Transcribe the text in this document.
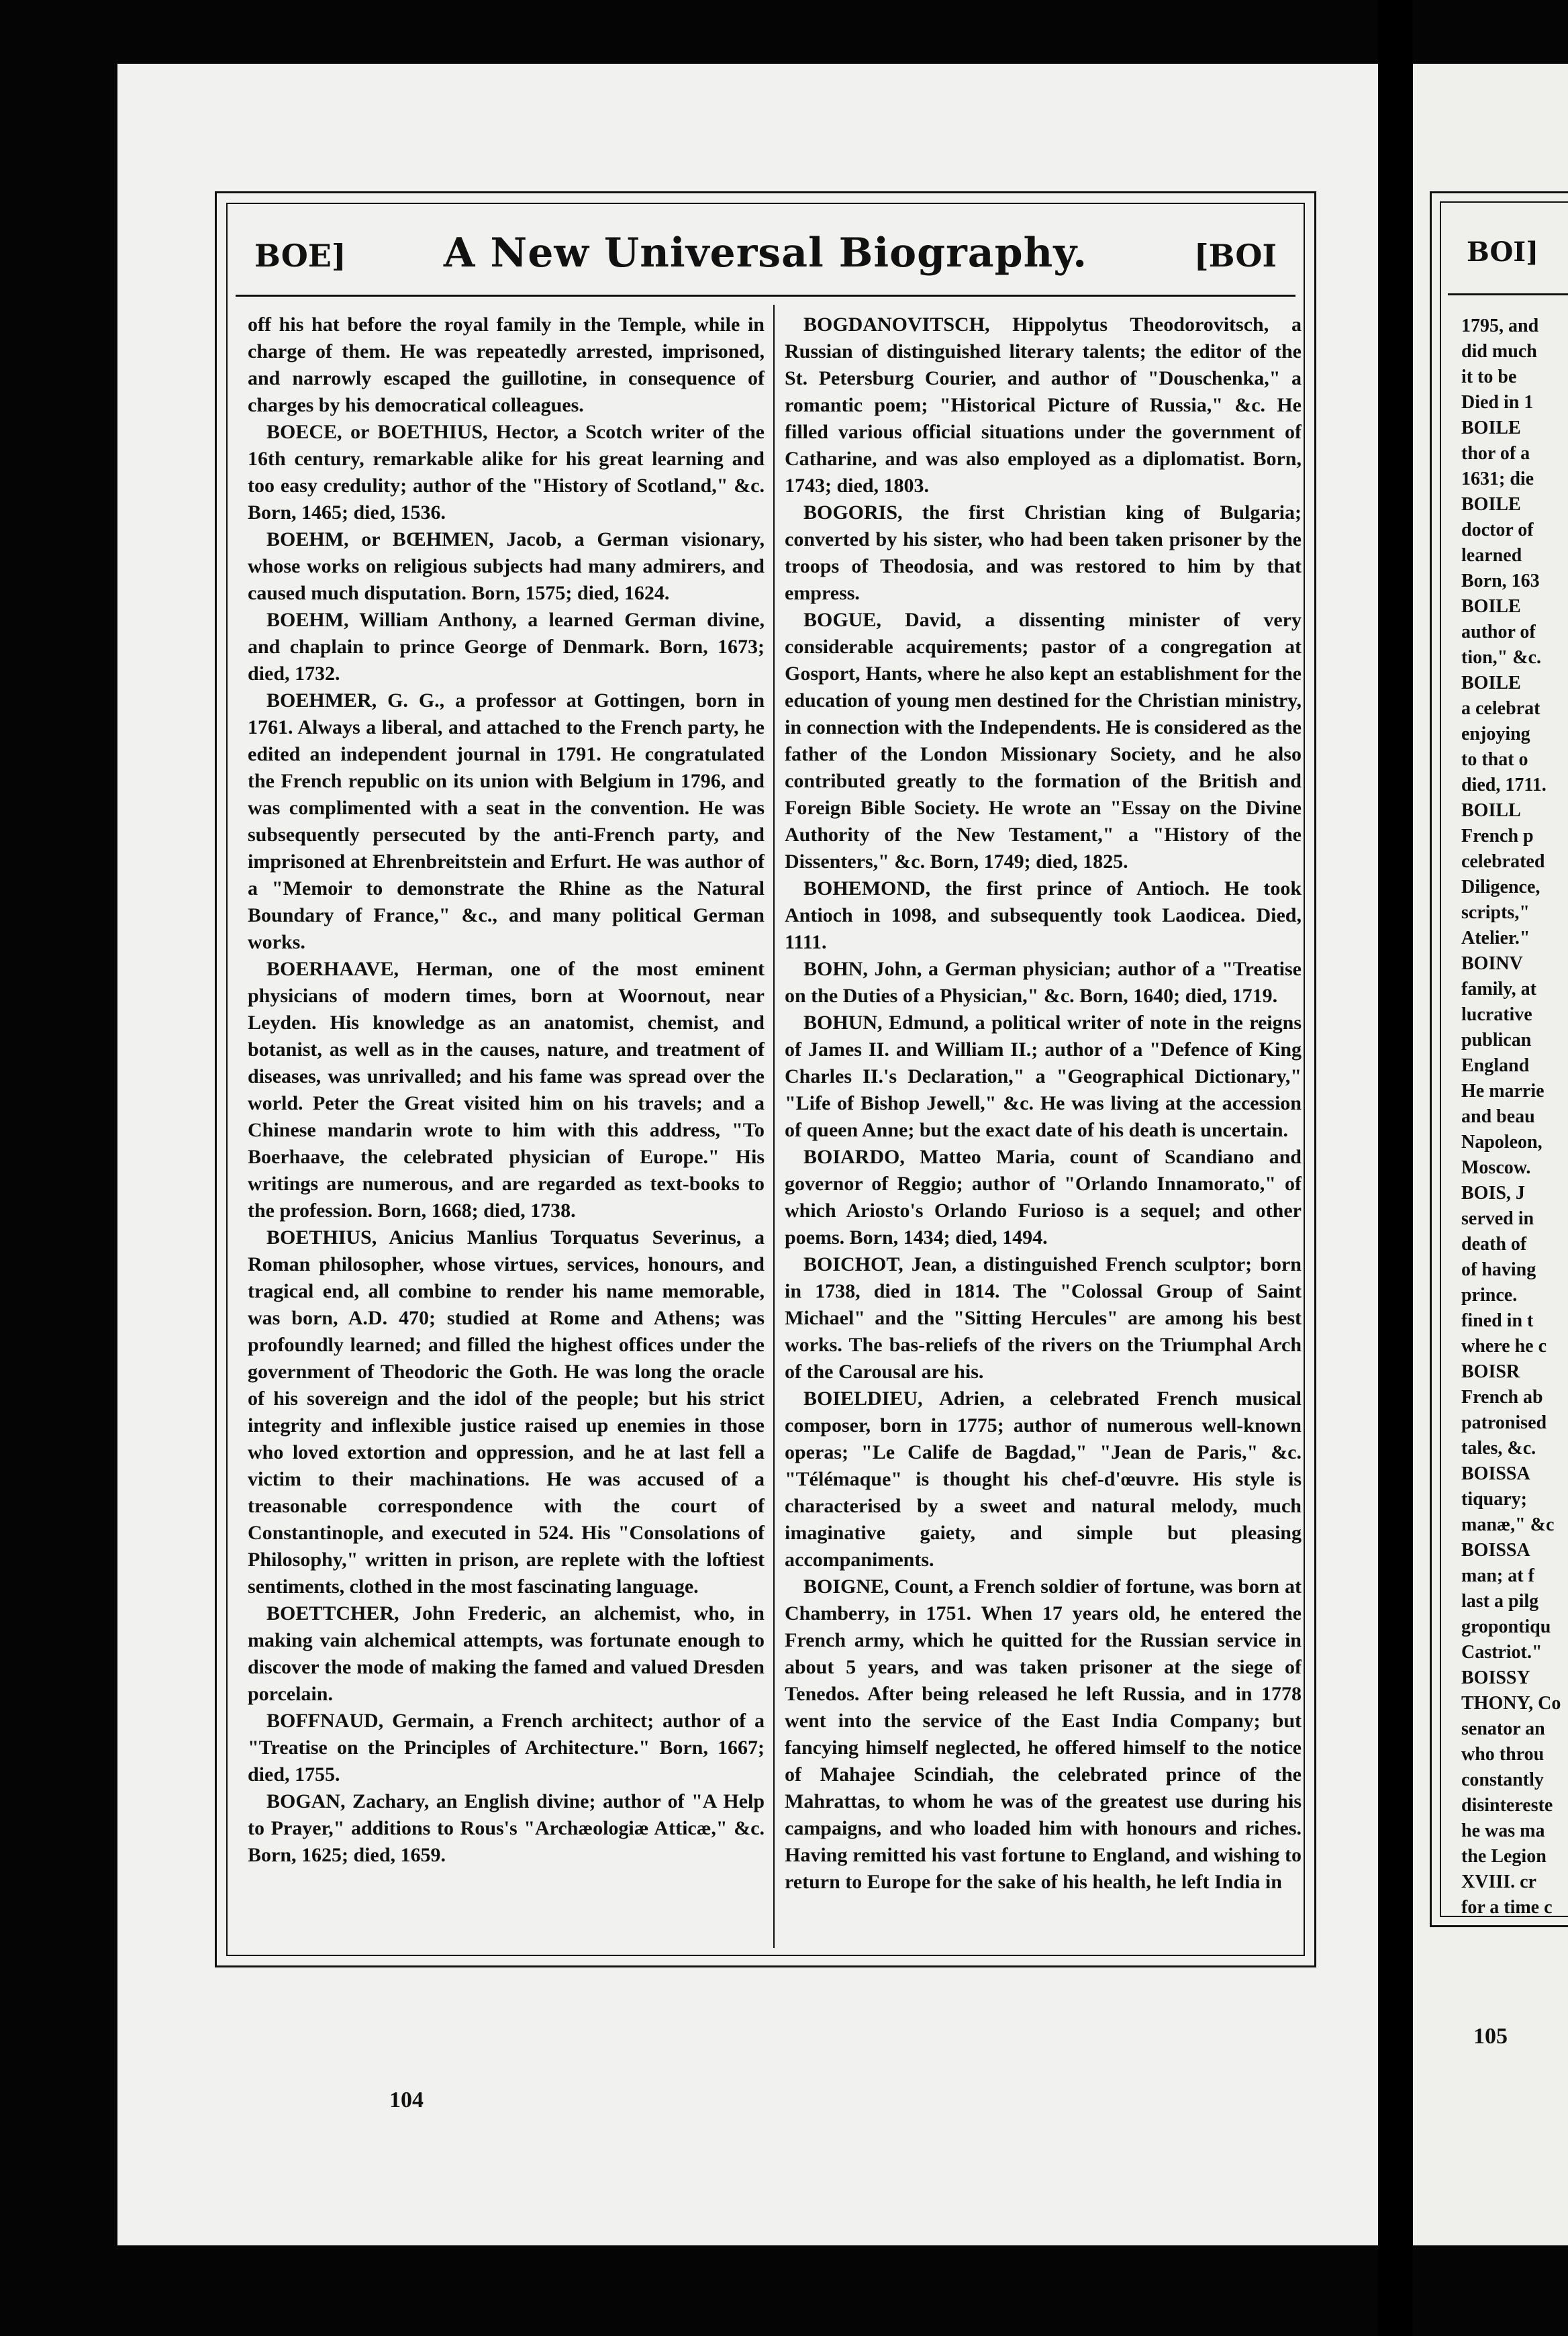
BOE]	A New Universal Biography.	[BOI

off his hat before the royal family in the Temple, while in charge of them. He was repeatedly arrested, imprisoned, and narrowly escaped the guillotine, in consequence of charges by his democratical colleagues.

BOECE, or BOETHIUS, Hector, a Scotch writer of the 16th century, remarkable alike for his great learning and too easy credulity; author of the "History of Scotland," &c. Born, 1465; died, 1536.

BOEHM, or BŒHMEN, Jacob, a German visionary, whose works on religious subjects had many admirers, and caused much disputation. Born, 1575; died, 1624.

BOEHM, William Anthony, a learned German divine, and chaplain to prince George of Denmark. Born, 1673; died, 1732.

BOEHMER, G. G., a professor at Gottingen, born in 1761. Always a liberal, and attached to the French party, he edited an independent journal in 1791. He congratulated the French republic on its union with Belgium in 1796, and was complimented with a seat in the convention. He was subsequently persecuted by the anti-French party, and imprisoned at Ehrenbreitstein and Erfurt. He was author of a "Memoir to demonstrate the Rhine as the Natural Boundary of France," &c., and many political German works.

BOERHAAVE, Herman, one of the most eminent physicians of modern times, born at Woornout, near Leyden. His knowledge as an anatomist, chemist, and botanist, as well as in the causes, nature, and treatment of diseases, was unrivalled; and his fame was spread over the world. Peter the Great visited him on his travels; and a Chinese mandarin wrote to him with this address, "To Boerhaave, the celebrated physician of Europe." His writings are numerous, and are regarded as text-books to the profession. Born, 1668; died, 1738.

BOETHIUS, Anicius Manlius Torquatus Severinus, a Roman philosopher, whose virtues, services, honours, and tragical end, all combine to render his name memorable, was born, A.D. 470; studied at Rome and Athens; was profoundly learned; and filled the highest offices under the government of Theodoric the Goth. He was long the oracle of his sovereign and the idol of the people; but his strict integrity and inflexible justice raised up enemies in those who loved extortion and oppression, and he at last fell a victim to their machinations. He was accused of a treasonable correspondence with the court of Constantinople, and executed in 524. His "Consolations of Philosophy," written in prison, are replete with the loftiest sentiments, clothed in the most fascinating language.

BOETTCHER, John Frederic, an alchemist, who, in making vain alchemical attempts, was fortunate enough to discover the mode of making the famed and valued Dresden porcelain.

BOFFNAUD, Germain, a French architect; author of a "Treatise on the Principles of Architecture." Born, 1667; died, 1755.

BOGAN, Zachary, an English divine; author of "A Help to Prayer," additions to Rous's "Archæologiæ Atticæ," &c. Born, 1625; died, 1659.

BOGDANOVITSCH, Hippolytus Theodorovitsch, a Russian of distinguished literary talents; the editor of the St. Petersburg Courier, and author of "Douschenka," a romantic poem; "Historical Picture of Russia," &c. He filled various official situations under the government of Catharine, and was also employed as a diplomatist. Born, 1743; died, 1803.

BOGORIS, the first Christian king of Bulgaria; converted by his sister, who had been taken prisoner by the troops of Theodosia, and was restored to him by that empress.

BOGUE, David, a dissenting minister of very considerable acquirements; pastor of a congregation at Gosport, Hants, where he also kept an establishment for the education of young men destined for the Christian ministry, in connection with the Independents. He is considered as the father of the London Missionary Society, and he also contributed greatly to the formation of the British and Foreign Bible Society. He wrote an "Essay on the Divine Authority of the New Testament," a "History of the Dissenters," &c. Born, 1749; died, 1825.

BOHEMOND, the first prince of Antioch. He took Antioch in 1098, and subsequently took Laodicea. Died, 1111.

BOHN, John, a German physician; author of a "Treatise on the Duties of a Physician," &c. Born, 1640; died, 1719.

BOHUN, Edmund, a political writer of note in the reigns of James II. and William II.; author of a "Defence of King Charles II.'s Declaration," a "Geographical Dictionary," "Life of Bishop Jewell," &c. He was living at the accession of queen Anne; but the exact date of his death is uncertain.

BOIARDO, Matteo Maria, count of Scandiano and governor of Reggio; author of "Orlando Innamorato," of which Ariosto's Orlando Furioso is a sequel; and other poems. Born, 1434; died, 1494.

BOICHOT, Jean, a distinguished French sculptor; born in 1738, died in 1814. The "Colossal Group of Saint Michael" and the "Sitting Hercules" are among his best works. The bas-reliefs of the rivers on the Triumphal Arch of the Carousal are his.

BOIELDIEU, Adrien, a celebrated French musical composer, born in 1775; author of numerous well-known operas; "Le Calife de Bagdad," "Jean de Paris," &c. "Télémaque" is thought his chef-d'œuvre. His style is characterised by a sweet and natural melody, much imaginative gaiety, and simple but pleasing accompaniments.

BOIGNE, Count, a French soldier of fortune, was born at Chamberry, in 1751. When 17 years old, he entered the French army, which he quitted for the Russian service in about 5 years, and was taken prisoner at the siege of Tenedos. After being released he left Russia, and in 1778 went into the service of the East India Company; but fancying himself neglected, he offered himself to the notice of Mahajee Scindiah, the celebrated prince of the Mahrattas, to whom he was of the greatest use during his campaigns, and who loaded him with honours and riches. Having remitted his vast fortune to England, and wishing to return to Europe for the sake of his health, he left India in

104
BOI]
1795, and
did much
it to be
Died in 1
BOILE
thor of a
1631; die
BOILE
doctor of
learned
Born, 163
BOILE
author of
tion," &c.
BOILE
a celebrat
enjoying
to that o
died, 1711.
BOILL
French p
celebrated
Diligence,
scripts,"
Atelier."
BOINV
family, at
lucrative
publican
England
He marrie
and beau
Napoleon,
Moscow.
BOIS, J
served in
death of
of having
prince.
fined in t
where he c
BOISR
French ab
patronised
tales, &c.
BOISSA
tiquary;
manæ," &c
BOISSA
man; at f
last a pilg
gropontiqu
Castriot."
BOISSY
THONY, Co
senator an
who throu
constantly
disintereste
he was ma
the Legion
XVIII. cr
for a time c
105
